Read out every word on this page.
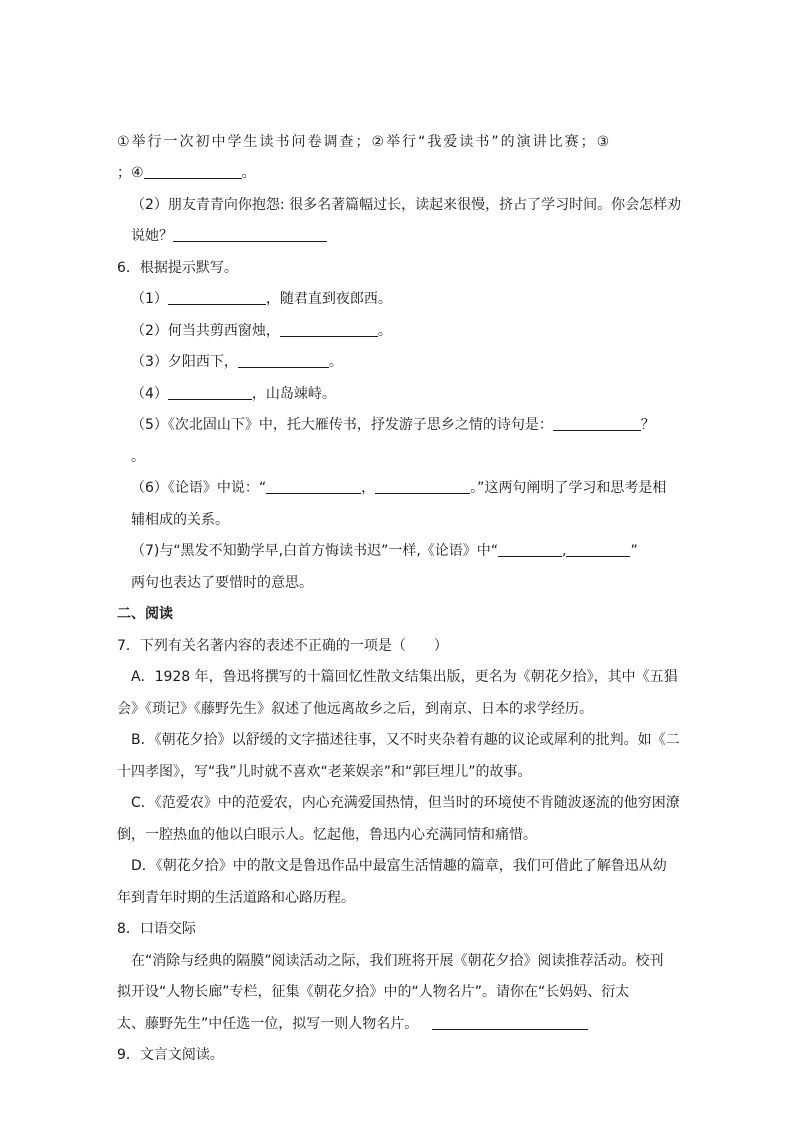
①举行一次初中学生读书问卷调查；②举行“我爱读书”的演讲比赛；③
；④	。
（2）朋友青青向你抱怨: 很多名著篇幅过长，读起来很慢，挤占了学习时间。你会怎样劝
说她？
6．根据提示默写。
（1）	，随君直到夜郎西。
（2）何当共剪西窗烛，	。
（3）夕阳西下，	。
（4）	，山岛竦峙。
（5）《次北固山下》中，托大雁传书，抒发游子思乡之情的诗句是：	？
。
（6）《论语》中说：“	，	。”这两句阐明了学习和思考是相
辅相成的关系。
（7)与“黑发不知勤学早,白首方悔读书迟”一样,《论语》中“	,	”
两句也表达了要惜时的意思。
二、阅读
7．下列有关名著内容的表述不正确的一项是（　　）
A．1928 年，鲁迅将撰写的十篇回忆性散文结集出版，更名为《朝花夕拾》，其中《五猖
会》《琐记》《藤野先生》叙述了他远离故乡之后，到南京、日本的求学经历。
B．《朝花夕拾》以舒缓的文字描述往事，又不时夹杂着有趣的议论或犀利的批判。如《二
十四孝图》，写“我”儿时就不喜欢“老莱娱亲”和“郭巨埋儿”的故事。
C．《范爱农》中的范爱农，内心充满爱国热情，但当时的环境使不肯随波逐流的他穷困潦
倒，一腔热血的他以白眼示人。忆起他，鲁迅内心充满同情和痛惜。
D．《朝花夕拾》中的散文是鲁迅作品中最富生活情趣的篇章，我们可借此了解鲁迅从幼
年到青年时期的生活道路和心路历程。
8．口语交际
在“消除与经典的隔膜”阅读活动之际，我们班将开展《朝花夕拾》阅读推荐活动。校刊
拟开设“人物长廊”专栏，征集《朝花夕拾》中的“人物名片”。请你在“长妈妈、衍太
太、藤野先生”中任选一位，拟写一则人物名片。
9．文言文阅读。
